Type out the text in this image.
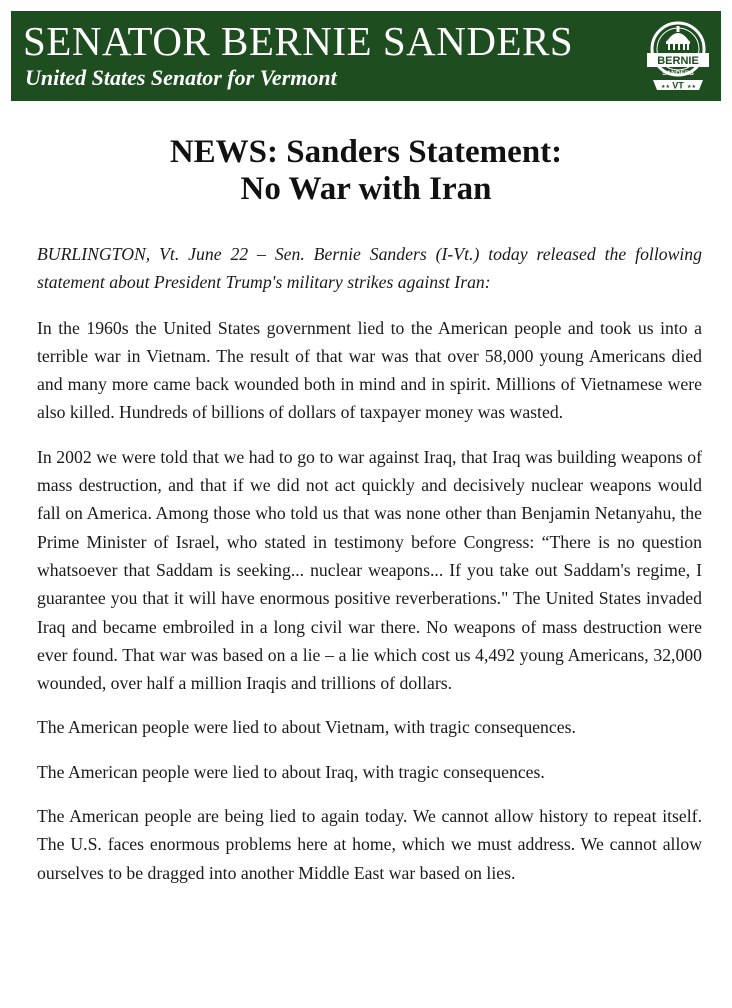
SENATOR BERNIE SANDERS
United States Senator for Vermont
BERNIE
SANDERS
VT
★★	★★
NEWS: Sanders Statement:
No War with Iran

BURLINGTON, Vt. June 22 – Sen. Bernie Sanders (I-Vt.) today released the following statement about President Trump's military strikes against Iran:

In the 1960s the United States government lied to the American people and took us into a terrible war in Vietnam. The result of that war was that over 58,000 young Americans died and many more came back wounded both in mind and in spirit. Millions of Vietnamese were also killed. Hundreds of billions of dollars of taxpayer money was wasted.

In 2002 we were told that we had to go to war against Iraq, that Iraq was building weapons of mass destruction, and that if we did not act quickly and decisively nuclear weapons would fall on America. Among those who told us that was none other than Benjamin Netanyahu, the Prime Minister of Israel, who stated in testimony before Congress: “There is no question whatsoever that Saddam is seeking... nuclear weapons... If you take out Saddam's regime, I guarantee you that it will have enormous positive reverberations." The United States invaded Iraq and became embroiled in a long civil war there. No weapons of mass destruction were ever found. That war was based on a lie – a lie which cost us 4,492 young Americans, 32,000 wounded, over half a million Iraqis and trillions of dollars.

The American people were lied to about Vietnam, with tragic consequences.

The American people were lied to about Iraq, with tragic consequences.

The American people are being lied to again today. We cannot allow history to repeat itself. The U.S. faces enormous problems here at home, which we must address. We cannot allow ourselves to be dragged into another Middle East war based on lies.
